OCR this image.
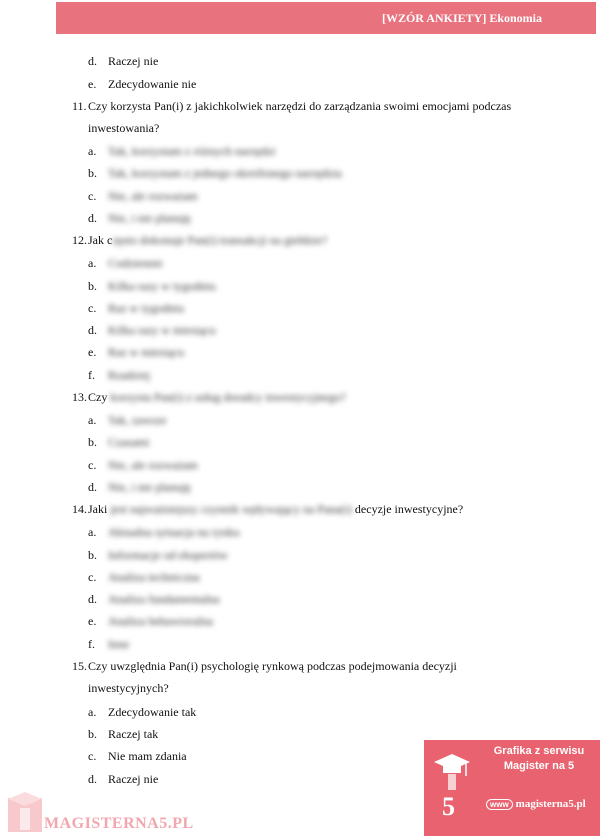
[WZÓR ANKIETY] Ekonomia
d. Raczej nie
e. Zdecydowanie nie
11.Czy korzysta Pan(i) z jakichkolwiek narzędzi do zarządzania swoimi emocjami podczas
inwestowania?
a. Tak, korzystam z różnych narzędzi
b. Tak, korzystam z jednego określonego narzędzia
c. Nie, ale rozważam
d. Nie, i nie planuję
12.Jak często dokonuje Pan(i) transakcji na giełdzie?
a. Codziennie
b. Kilka razy w tygodniu
c. Raz w tygodniu
d. Kilka razy w miesiącu
e. Raz w miesiącu
f. Rzadziej
13.Czy korzysta Pan(i) z usług doradcy inwestycyjnego?
a. Tak, zawsze
b. Czasami
c. Nie, ale rozważam
d. Nie, i nie planuję
14.Jaki jest najważniejszy czynnik wpływający na Pana(i) decyzje inwestycyjne?
a. Aktualna sytuacja na rynku
b. Informacje od ekspertów
c. Analiza techniczna
d. Analiza fundamentalna
e. Analiza behawioralna
f. Inne
15.Czy uwzględnia Pan(i) psychologię rynkową podczas podejmowania decyzji
inwestycyjnych?
a. Zdecydowanie tak
b. Raczej tak
c. Nie mam zdania
d. Raczej nie
Grafika z serwisu
Magister na 5
5	www magisterna5.pl
MAGISTERNA5.PL
